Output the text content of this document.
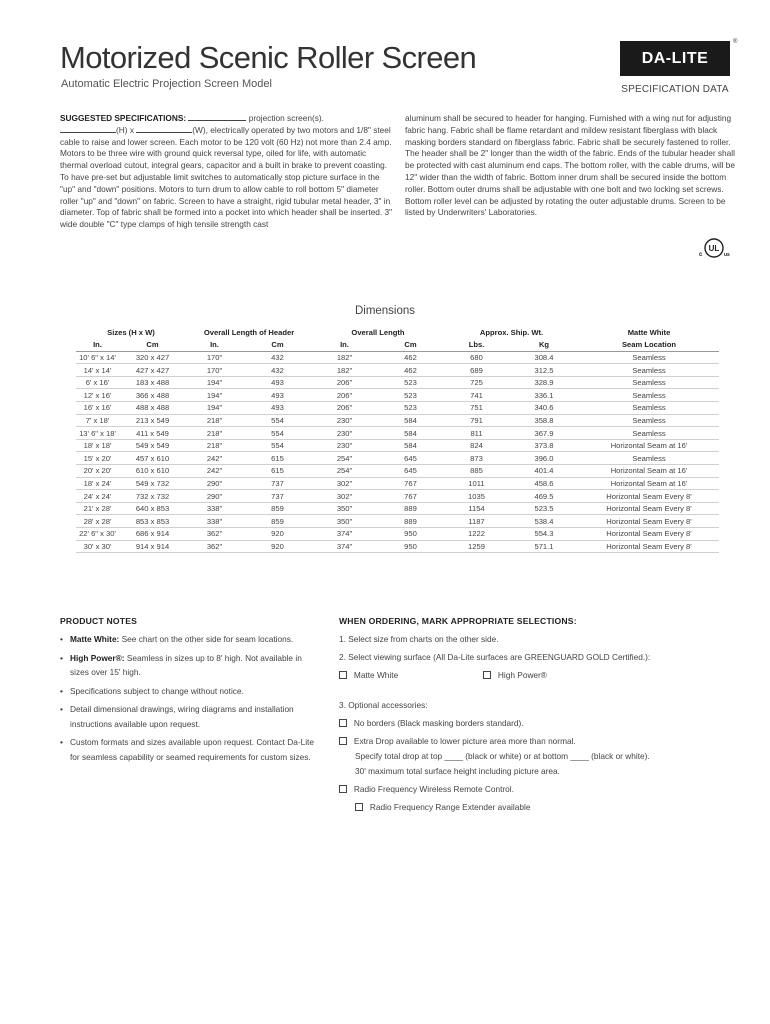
Motorized Scenic Roller Screen
Automatic Electric Projection Screen Model
DA-LITE
®
SPECIFICATION DATA
SUGGESTED SPECIFICATIONS:	projection screen(s).
(H) x	(W), electrically operated by two motors and 1/8" steel cable to raise and lower screen. Each motor to be 120 volt (60 Hz) not more than 2.4 amp. Motors to be three wire with ground quick reversal type, oiled for life, with automatic thermal overload cutout, integral gears, capacitor and a built in brake to prevent coasting. To have pre-set but adjustable limit switches to automatically stop picture surface in the "up" and "down" positions. Motors to turn drum to allow cable to roll bottom 5" diameter roller "up" and "down" on fabric. Screen to have a straight, rigid tubular metal header, 3" in diameter. Top of fabric shall be formed into a pocket into which header shall be inserted. 3" wide double "C" type clamps of high tensile strength cast
aluminum shall be secured to header for hanging. Furnished with a wing nut for adjusting fabric hang. Fabric shall be flame retardant and mildew resistant fiberglass with black masking borders standard on fiberglass fabric. Fabric shall be securely fastened to roller. The header shall be 2" longer than the width of the fabric. Ends of the tubular header shall be protected with cast aluminum end caps. The bottom roller, with the cable drums, will be 12" wider than the width of fabric. Bottom inner drum shall be secured inside the bottom roller. Bottom outer drums shall be adjustable with one bolt and two locking set screws. Bottom roller level can be adjusted by rotating the outer adjustable drums. Screen to be listed by Underwriters' Laboratories.
UL
c	us
Dimensions
Sizes (H x W)		Overall Length of Header		Overall Length		Approx. Ship. Wt.		Matte White
In.	Cm	In.	Cm	In.	Cm	Lbs.	Kg	Seam Location
10' 6" x 14'	320 x 427	170"	432	182"	462	680	308.4	Seamless
14' x 14'	427 x 427	170"	432	182"	462	689	312.5	Seamless
6' x 16'	183 x 488	194"	493	206"	523	725	328.9	Seamless
12' x 16'	366 x 488	194"	493	206"	523	741	336.1	Seamless
16' x 16'	488 x 488	194"	493	206"	523	751	340.6	Seamless
7' x 18'	213 x 549	218"	554	230"	584	791	358.8	Seamless
13' 6" x 18'	411 x 549	218"	554	230"	584	811	367.9	Seamless
18' x 18'	549 x 549	218"	554	230"	584	824	373.8	Horizontal Seam at 16'
15' x 20'	457 x 610	242"	615	254"	645	873	396.0	Seamless
20' x 20'	610 x 610	242"	615	254"	645	885	401.4	Horizontal Seam at 16'
18' x 24'	549 x 732	290"	737	302"	767	1011	458.6	Horizontal Seam at 16'
24' x 24'	732 x 732	290"	737	302"	767	1035	469.5	Horizontal Seam Every 8'
21' x 28'	640 x 853	338"	859	350"	889	1154	523.5	Horizontal Seam Every 8'
28' x 28'	853 x 853	338"	859	350"	889	1187	538.4	Horizontal Seam Every 8'
22' 6" x 30'	686 x 914	362"	920	374"	950	1222	554.3	Horizontal Seam Every 8'
30' x 30'	914 x 914	362"	920	374"	950	1259	571.1	Horizontal Seam Every 8'
PRODUCT NOTES
• Matte White: See chart on the other side for seam locations.
• High Power®: Seamless in sizes up to 8' high. Not available in sizes over 15' high.
• Specifications subject to change without notice.
• Detail dimensional drawings, wiring diagrams and installation instructions available upon request.
• Custom formats and sizes available upon request. Contact Da-Lite for seamless capability or seamed requirements for custom sizes.
WHEN ORDERING, MARK APPROPRIATE SELECTIONS:
1. Select size from charts on the other side.
2. Select viewing surface (All Da-Lite surfaces are GREENGUARD GOLD Certified.):
Matte White	High Power®
3. Optional accessories:
No borders (Black masking borders standard).
Extra Drop available to lower picture area more than normal.
Specify total drop at top ____ (black or white) or at bottom ____ (black or white).
30' maximum total surface height including picture area.
Radio Frequency Wireless Remote Control.
Radio Frequency Range Extender available
